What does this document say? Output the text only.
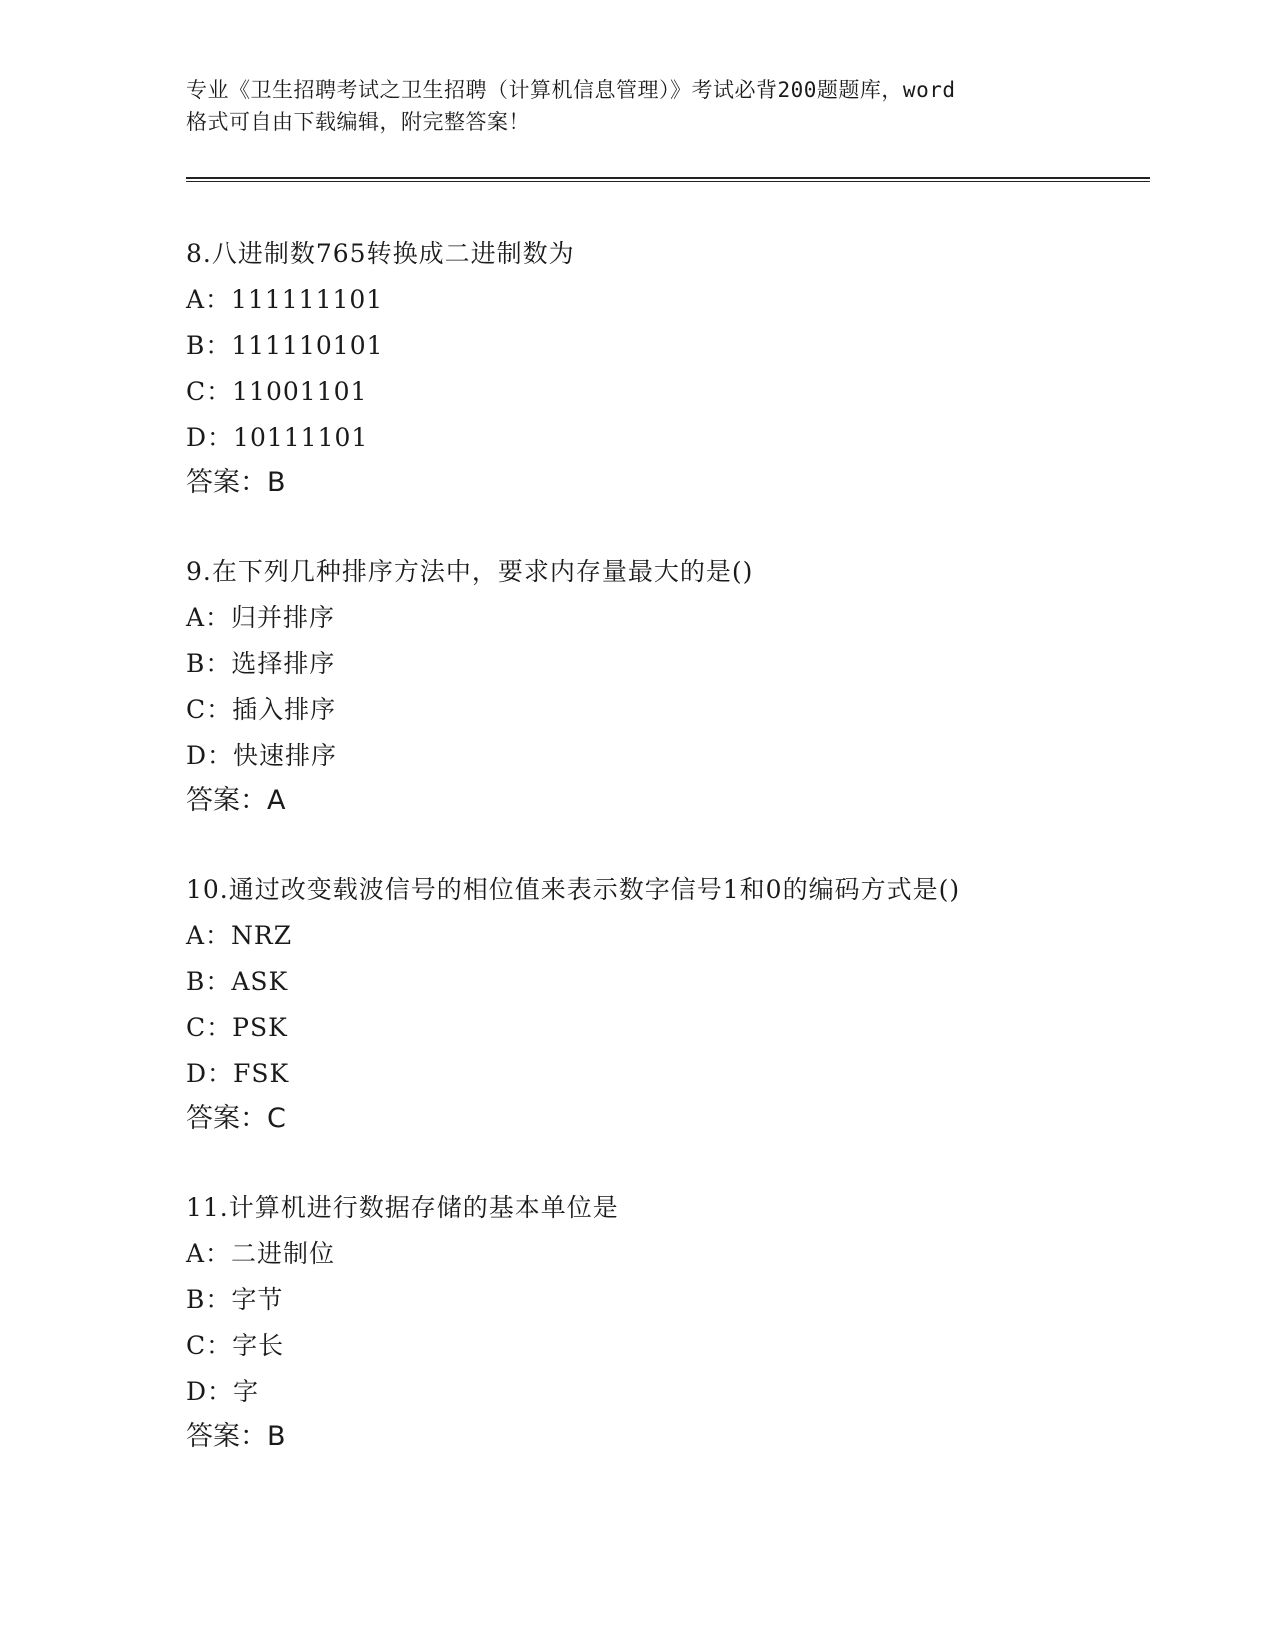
专业《卫生招聘考试之卫生招聘（计算机信息管理）》考试必背200题题库，word
格式可自由下载编辑，附完整答案！
8.八进制数765转换成二进制数为
A：111111101
B：111110101
C：11001101
D：10111101
答案：B
9.在下列几种排序方法中，要求内存量最大的是()
A：归并排序
B：选择排序
C：插入排序
D：快速排序
答案：A
10.通过改变载波信号的相位值来表示数字信号1和0的编码方式是()
A：NRZ
B：ASK
C：PSK
D：FSK
答案：C
11.计算机进行数据存储的基本单位是
A：二进制位
B：字节
C：字长
D：字
答案：B
